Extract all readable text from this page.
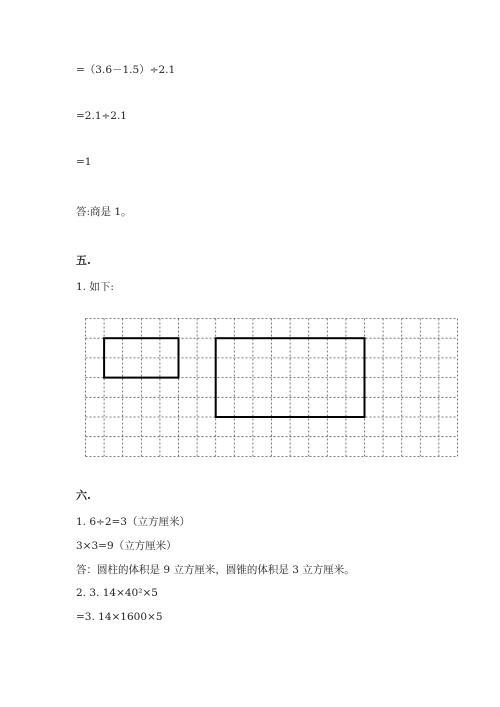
=（3.6－1.5）÷2.1
=2.1÷2.1
=1
答:商是 1。
五.
1. 如下:
六.
1. 6÷2=3（立方厘米）
3×3=9（立方厘米）
答：圆柱的体积是 9 立方厘米，圆锥的体积是 3 立方厘米。
2. 3. 14×40²×5
=3. 14×1600×5
